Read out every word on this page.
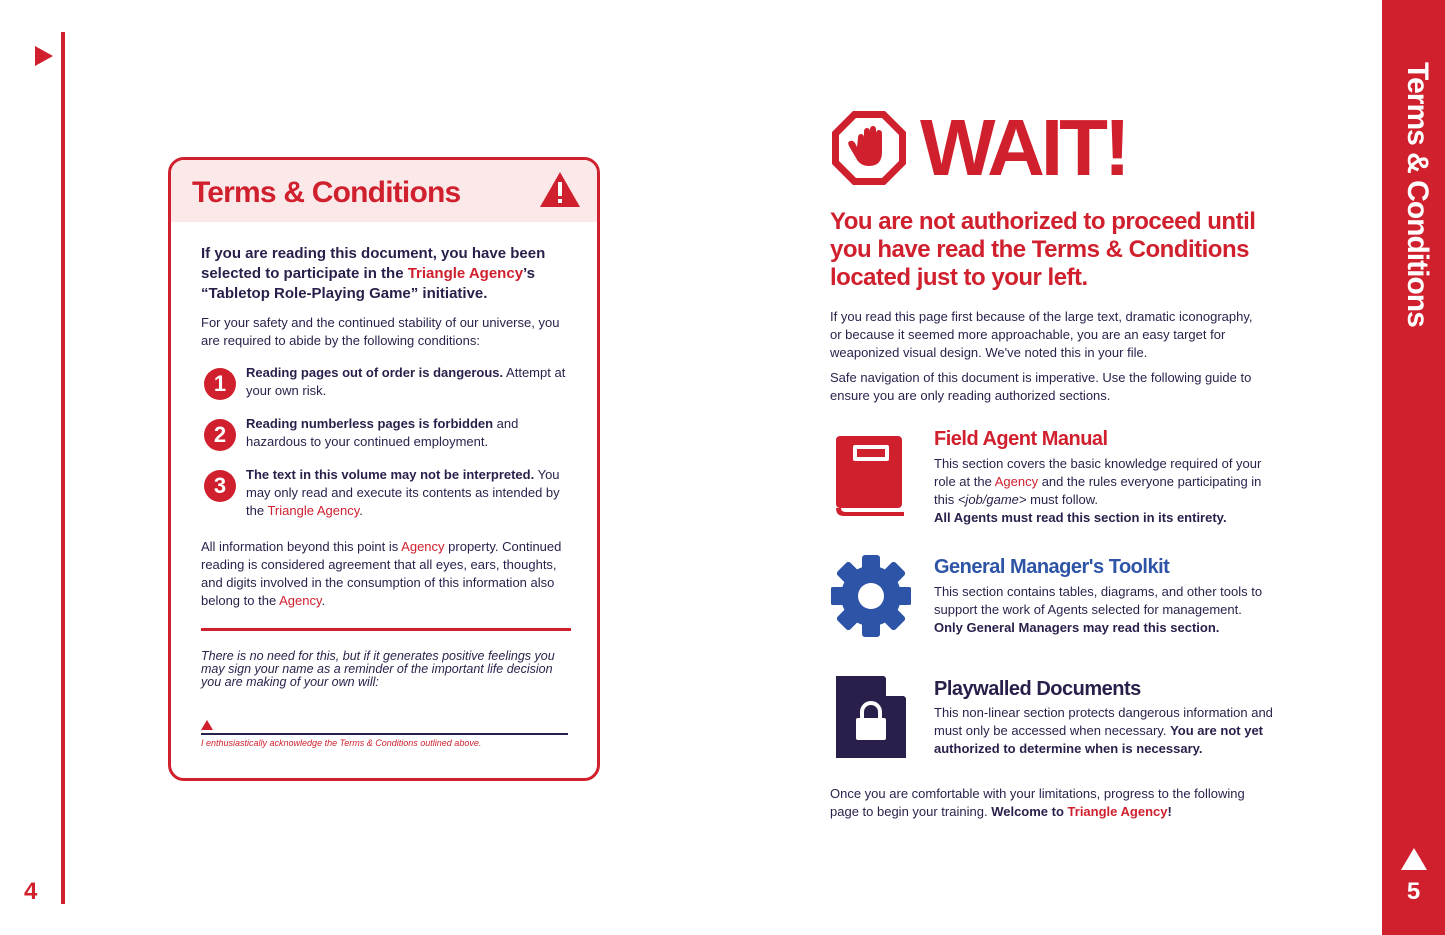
4
Terms & Conditions
If you are reading this document, you have been selected to participate in the Triangle Agency’s “Tabletop Role-Playing Game” initiative.
For your safety and the continued stability of our universe, you are required to abide by the following conditions:
1	Reading pages out of order is dangerous. Attempt at your own risk.
2	Reading numberless pages is forbidden and hazardous to your continued employment.
3	The text in this volume may not be interpreted. You may only read and execute its contents as intended by the Triangle Agency.
All information beyond this point is Agency property. Continued reading is considered agreement that all eyes, ears, thoughts, and digits involved in the consumption of this information also belong to the Agency.
There is no need for this, but if it generates positive feelings you may sign your name as a reminder of the important life decision you are making of your own will:
I enthusiastically acknowledge the Terms & Conditions outlined above.
WAIT!
You are not authorized to proceed until you have read the Terms & Conditions located just to your left.
If you read this page first because of the large text, dramatic iconography, or because it seemed more approachable, you are an easy target for weaponized visual design. We've noted this in your file.
Safe navigation of this document is imperative. Use the following guide to ensure you are only reading authorized sections.
Field Agent Manual
This section covers the basic knowledge required of your role at the Agency and the rules everyone participating in this <job/game> must follow.
All Agents must read this section in its entirety.
General Manager's Toolkit
This section contains tables, diagrams, and other tools to support the work of Agents selected for management.
Only General Managers may read this section.
Playwalled Documents
This non-linear section protects dangerous information and must only be accessed when necessary. You are not yet authorized to determine when is necessary.
Once you are comfortable with your limitations, progress to the following page to begin your training. Welcome to Triangle Agency!
Terms & Conditions
5
